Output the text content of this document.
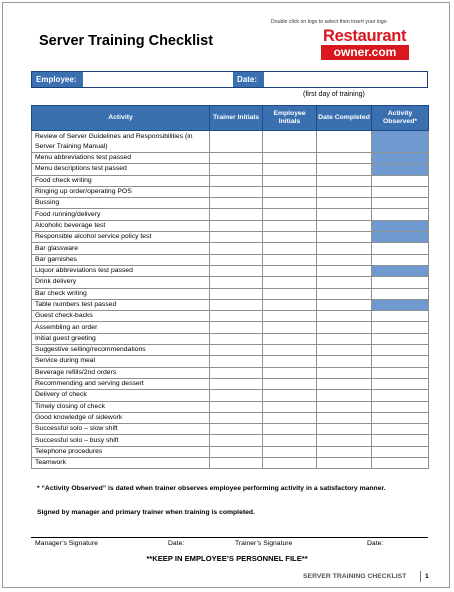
Double click on logo to select then insert your logo
Server Training Checklist	Restaurant
owner.com
Employee:	Date:
(first day of training)
Activity	Trainer Initials	Employee Initials	Date Completed	Activity Observed*
Review of Server Guidelines and Responsibilities (in Server Training Manual)				
Menu abbreviations test passed				
Menu descriptions test passed				
Food check writing				
Ringing up order/operating POS				
Bussing				
Food running/delivery				
Alcoholic beverage test				
Responsible alcohol service policy test				
Bar glassware				
Bar garnishes				
Liquor abbreviations test passed				
Drink delivery				
Bar check writing				
Table numbers test passed				
Guest check-backs				
Assembling an order				
Initial guest greeting				
Suggestive selling/recommendations				
Service during meal				
Beverage refills/2nd orders				
Recommending and serving dessert				
Delivery of check				
Timely closing of check				
Good knowledge of sidework				
Successful solo – slow shift				
Successful solo – busy shift				
Telephone procedures				
Teamwork				
* “Activity Observed” is dated when trainer observes employee performing activity in a satisfactory manner.
Signed by manager and primary trainer when training is completed.
Manager’s Signature	Date:	Trainer’s Signature	Date:
**KEEP IN EMPLOYEE’S PERSONNEL FILE**
SERVER TRAINING CHECKLIST	1
